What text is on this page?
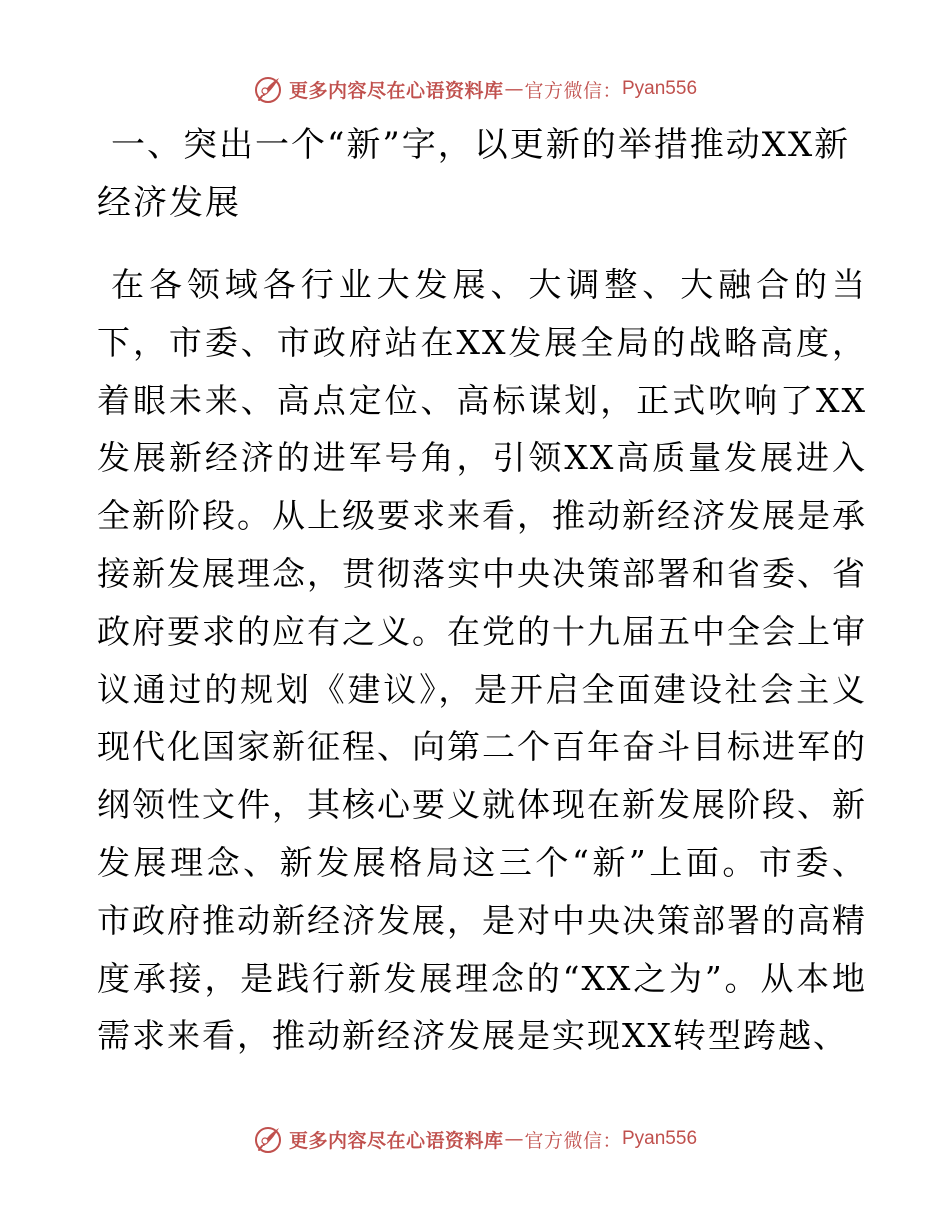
更多内容尽在心语资料库 — 官方微信： Pyan556
一、突出一个“新”字，以更新的举措推动XX新经济发展

在各领域各行业大发展、大调整、大融合的当下，市委、市政府站在XX发展全局的战略高度，着眼未来、高点定位、高标谋划，正式吹响了XX发展新经济的进军号角，引领XX高质量发展进入全新阶段。从上级要求来看，推动新经济发展是承接新发展理念，贯彻落实中央决策部署和省委、省政府要求的应有之义。在党的十九届五中全会上审议通过的规划《建议》，是开启全面建设社会主义现代化国家新征程、向第二个百年奋斗目标进军的纲领性文件，其核心要义就体现在新发展阶段、新发展理念、新发展格局这三个“新”上面。市委、市政府推动新经济发展，是对中央决策部署的高精度承接，是践行新发展理念的“XX之为”。从本地需求来看，推动新经济发展是实现XX转型跨越、

更多内容尽在心语资料库 — 官方微信： Pyan556
